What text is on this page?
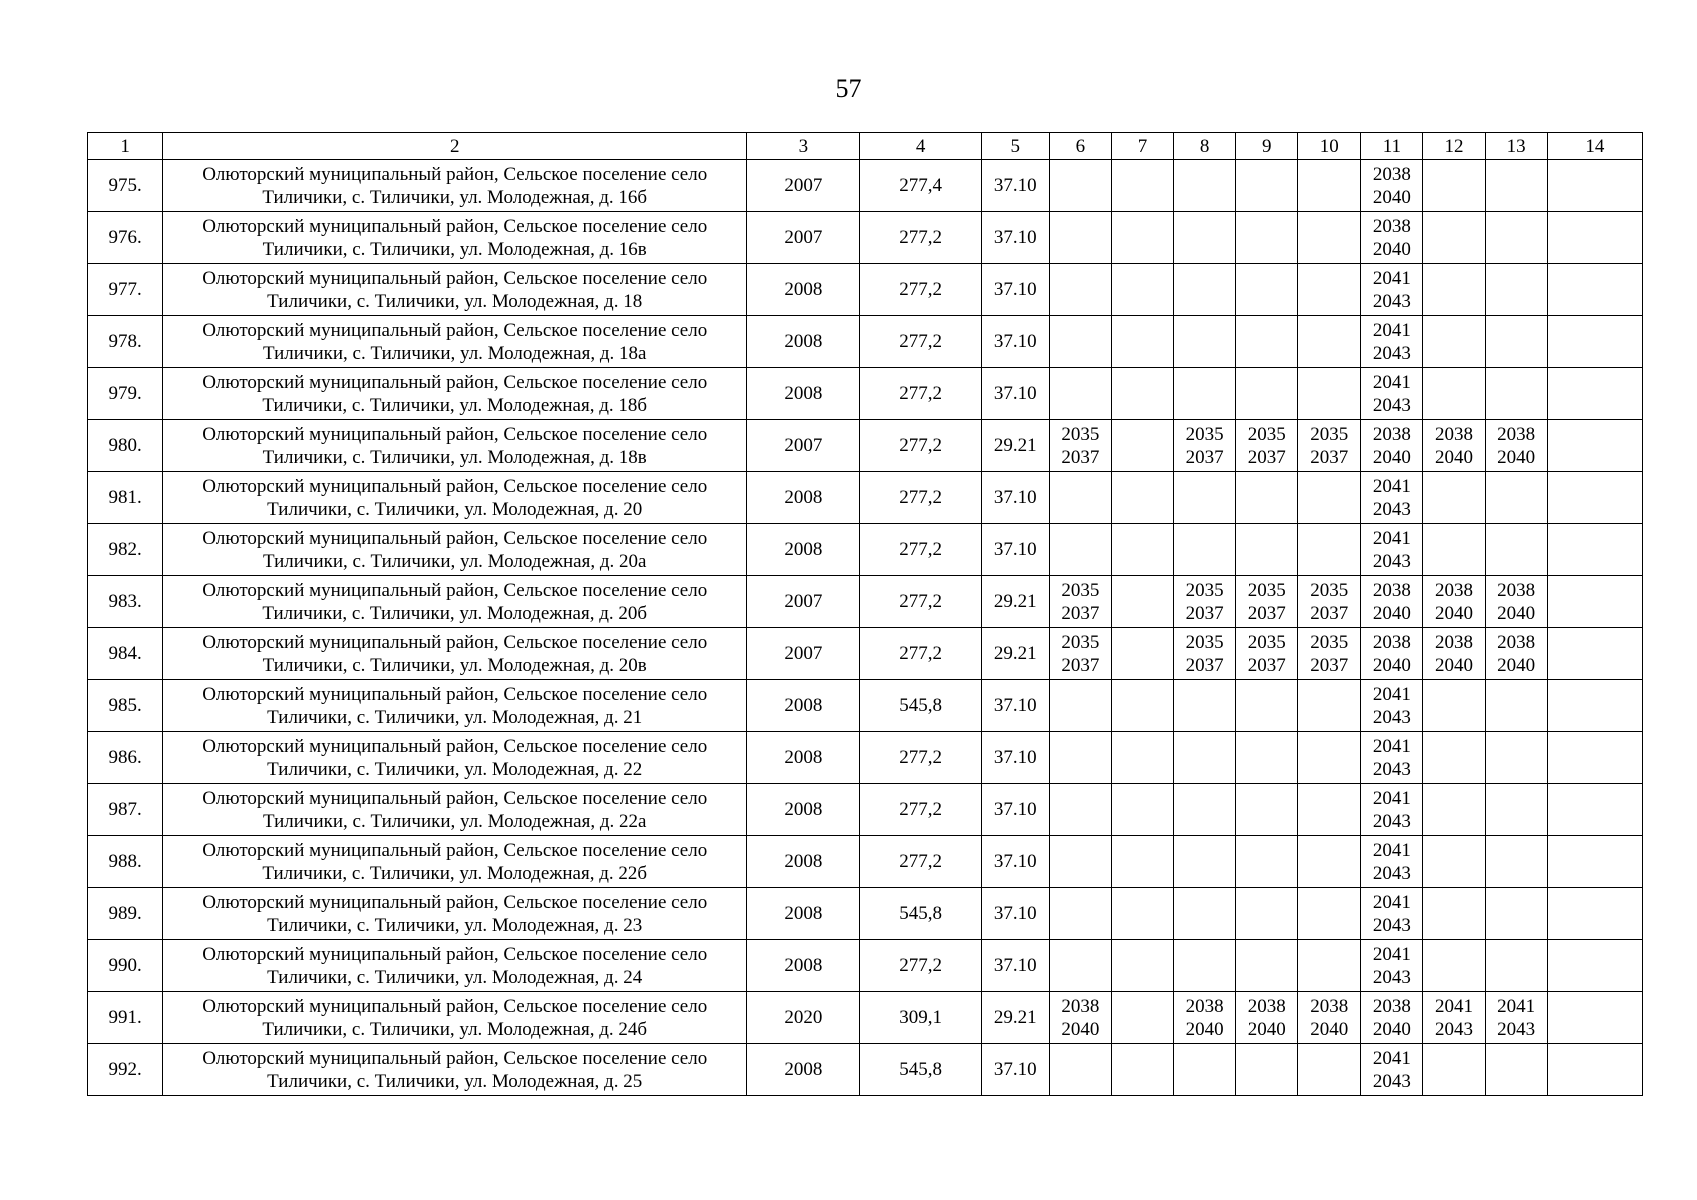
57
1	2	3	4	5	6	7	8	9	10	11	12	13	14
975.	Олюторский муниципальный район, Сельское поселение село
Тиличики, с. Тиличики, ул. Молодежная, д. 16б	2007	277,4	37.10						2038
2040			

976.	Олюторский муниципальный район, Сельское поселение село
Тиличики, с. Тиличики, ул. Молодежная, д. 16в	2007	277,2	37.10						2038
2040			

977.	Олюторский муниципальный район, Сельское поселение село
Тиличики, с. Тиличики, ул. Молодежная, д. 18	2008	277,2	37.10						2041
2043			

978.	Олюторский муниципальный район, Сельское поселение село
Тиличики, с. Тиличики, ул. Молодежная, д. 18а	2008	277,2	37.10						2041
2043			

979.	Олюторский муниципальный район, Сельское поселение село
Тиличики, с. Тиличики, ул. Молодежная, д. 18б	2008	277,2	37.10						2041
2043			

980.	Олюторский муниципальный район, Сельское поселение село
Тиличики, с. Тиличики, ул. Молодежная, д. 18в	2007	277,2	29.21	2035
2037		2035
2037	2035
2037	2035
2037	2038
2040	2038
2040	2038
2040	

981.	Олюторский муниципальный район, Сельское поселение село
Тиличики, с. Тиличики, ул. Молодежная, д. 20	2008	277,2	37.10						2041
2043			

982.	Олюторский муниципальный район, Сельское поселение село
Тиличики, с. Тиличики, ул. Молодежная, д. 20а	2008	277,2	37.10						2041
2043			

983.	Олюторский муниципальный район, Сельское поселение село
Тиличики, с. Тиличики, ул. Молодежная, д. 20б	2007	277,2	29.21	2035
2037		2035
2037	2035
2037	2035
2037	2038
2040	2038
2040	2038
2040	

984.	Олюторский муниципальный район, Сельское поселение село
Тиличики, с. Тиличики, ул. Молодежная, д. 20в	2007	277,2	29.21	2035
2037		2035
2037	2035
2037	2035
2037	2038
2040	2038
2040	2038
2040	

985.	Олюторский муниципальный район, Сельское поселение село
Тиличики, с. Тиличики, ул. Молодежная, д. 21	2008	545,8	37.10						2041
2043			

986.	Олюторский муниципальный район, Сельское поселение село
Тиличики, с. Тиличики, ул. Молодежная, д. 22	2008	277,2	37.10						2041
2043			

987.	Олюторский муниципальный район, Сельское поселение село
Тиличики, с. Тиличики, ул. Молодежная, д. 22а	2008	277,2	37.10						2041
2043			

988.	Олюторский муниципальный район, Сельское поселение село
Тиличики, с. Тиличики, ул. Молодежная, д. 22б	2008	277,2	37.10						2041
2043			

989.	Олюторский муниципальный район, Сельское поселение село
Тиличики, с. Тиличики, ул. Молодежная, д. 23	2008	545,8	37.10						2041
2043			

990.	Олюторский муниципальный район, Сельское поселение село
Тиличики, с. Тиличики, ул. Молодежная, д. 24	2008	277,2	37.10						2041
2043			

991.	Олюторский муниципальный район, Сельское поселение село
Тиличики, с. Тиличики, ул. Молодежная, д. 24б	2020	309,1	29.21	2038
2040		2038
2040	2038
2040	2038
2040	2038
2040	2041
2043	2041
2043	

992.	Олюторский муниципальный район, Сельское поселение село
Тиличики, с. Тиличики, ул. Молодежная, д. 25	2008	545,8	37.10						2041
2043			
